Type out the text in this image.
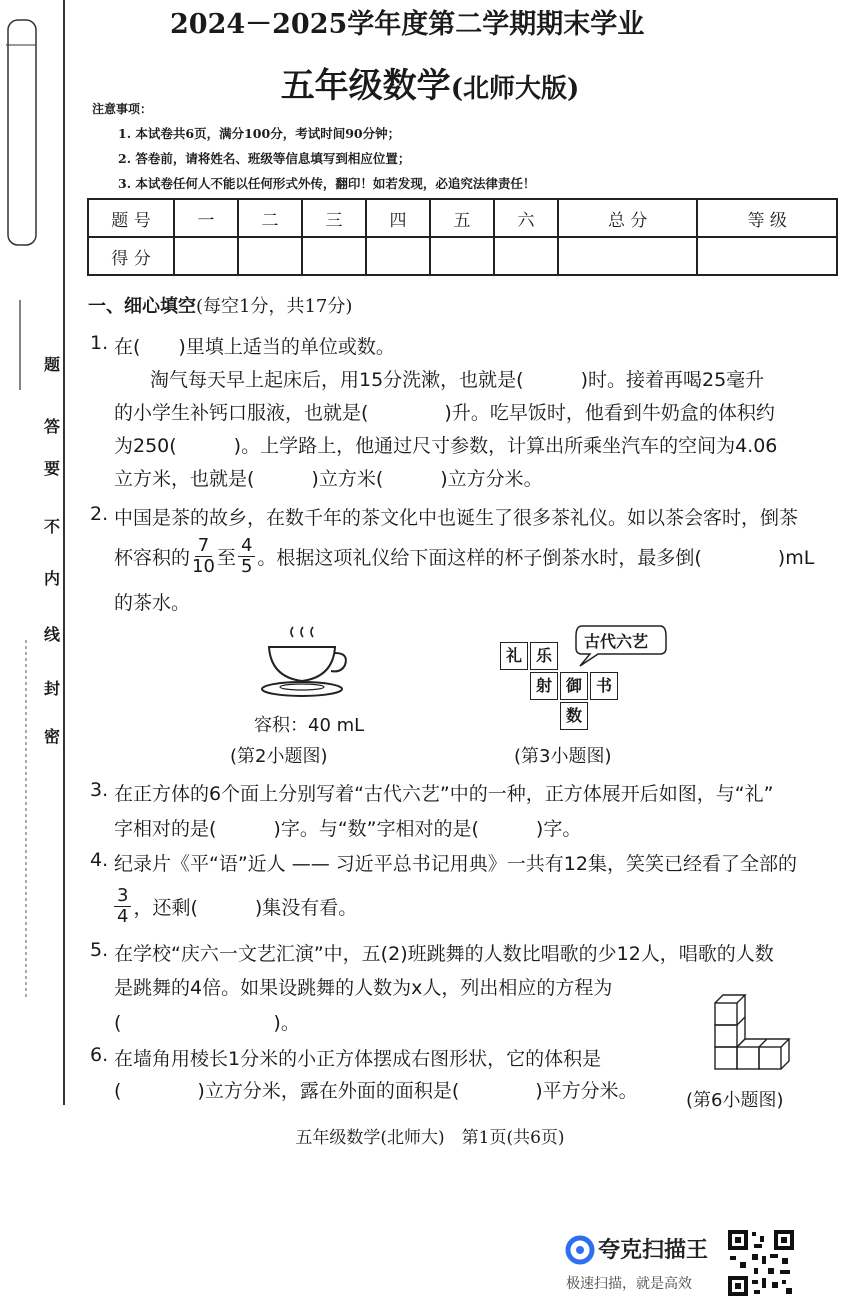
题
答
要
不
内
线
封
密
2024－2025学年度第二学期期末学业
五年级数学(北师大版)
注意事项：
1. 本试卷共6页，满分100分，考试时间90分钟；
2. 答卷前，请将姓名、班级等信息填写到相应位置；
3. 本试卷任何人不能以任何形式外传，翻印！如若发现，必追究法律责任！
题 号	一	二	三	四	五	六	总 分	等 级
得 分								
一、细心填空(每空1分，共17分)
1. 在(　　)里填上适当的单位或数。
淘气每天早上起床后，用15分洗漱，也就是(　　　)时。接着再喝25毫升
的小学生补钙口服液，也就是(　　　　)升。吃早饭时，他看到牛奶盒的体积约
为250(　　　)。上学路上，他通过尺寸参数，计算出所乘坐汽车的空间为4.06
立方米，也就是(　　　)立方米(　　　)立方分米。
2. 中国是茶的故乡，在数千年的茶文化中也诞生了很多茶礼仪。如以茶会客时，倒茶
杯容积的 $\frac{7}{10}$ 至 $\frac{4}{5}$ 。根据这项礼仪给下面这样的杯子倒茶水时，最多倒(　　　　)mL
的茶水。
容积：40 mL
(第2小题图)
古代六艺
礼 乐
射 御 书
数
(第3小题图)
3. 在正方体的6个面上分别写着“古代六艺”中的一种，正方体展开后如图，与“礼”
字相对的是(　　　)字。与“数”字相对的是(　　　)字。
4. 纪录片《平“语”近人 —— 习近平总书记用典》一共有12集，笑笑已经看了全部的
$\frac{3}{4}$ ，还剩(　　　)集没有看。
5. 在学校“庆六一文艺汇演”中，五(2)班跳舞的人数比唱歌的少12人，唱歌的人数
是跳舞的4倍。如果设跳舞的人数为x人，列出相应的方程为
(　　　　　　　　)。
6. 在墙角用棱长1分米的小正方体摆成右图形状，它的体积是
(　　　　)立方分米，露在外面的面积是(　　　　)平方分米。	(第6小题图)
五年级数学(北师大)　第1页(共6页)
夸克扫描王
极速扫描，就是高效
